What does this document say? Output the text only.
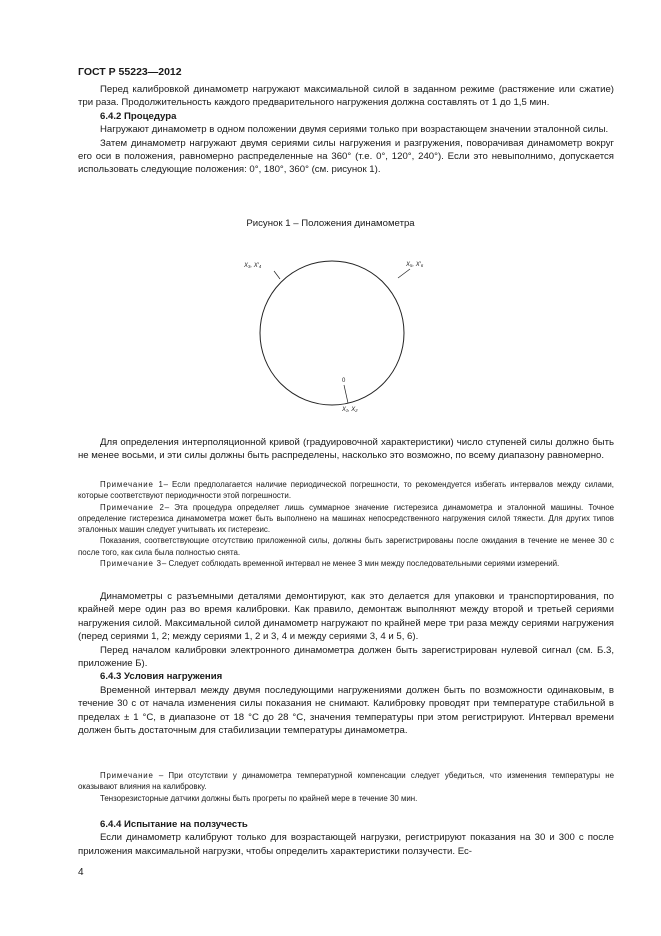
ГОСТ Р 55223—2012

Перед калибровкой динамометр нагружают максимальной силой в заданном режиме (растяжение или сжатие) три раза. Продолжительность каждого предварительного нагружения должна составлять от 1 до 1,5 мин.

6.4.2 Процедура

Нагружают динамометр в одном положении двумя сериями только при возрастающем значении эталонной силы.

Затем динамометр нагружают двумя сериями силы нагружения и разгружения, поворачивая динамометр вокруг его оси в положения, равномерно распределенные на 360° (т.е. 0°, 120°, 240°). Если это невыполнимо, допускается использовать следующие положения: 0°, 180°, 360° (см. рисунок 1).

Рисунок 1 – Положения динамометра
X₃, X′₄	X₅, X′₆
0
X₁, X₂

Для определения интерполяционной кривой (градуировочной характеристики) число ступеней силы должно быть не менее восьми, и эти силы должны быть распределены, насколько это возможно, по всему диапазону равномерно.

Примечание 1– Если предполагается наличие периодической погрешности, то рекомендуется избегать интервалов между силами, которые соответствуют периодичности этой погрешности.

Примечание 2– Эта процедура определяет лишь суммарное значение гистерезиса динамометра и эталонной машины. Точное определение гистерезиса динамометра может быть выполнено на машинах непосредственного нагружения силой тяжести. Для других типов эталонных машин следует учитывать их гистерезис.

Показания, соответствующие отсутствию приложенной силы, должны быть зарегистрированы после ожидания в течение не менее 30 с после того, как сила была полностью снята.

Примечание 3– Следует соблюдать временной интервал не менее 3 мин между последовательными сериями измерений.

Динамометры с разъемными деталями демонтируют, как это делается для упаковки и транспортирования, по крайней мере один раз во время калибровки. Как правило, демонтаж выполняют между второй и третьей сериями нагружения силой. Максимальной силой динамометр нагружают по крайней мере три раза между сериями нагружения (перед сериями 1, 2; между сериями 1, 2 и 3, 4 и между сериями 3, 4 и 5, 6).

Перед началом калибровки электронного динамометра должен быть зарегистрирован нулевой сигнал (см. Б.3, приложение Б).

6.4.3 Условия нагружения

Временной интервал между двумя последующими нагружениями должен быть по возможности одинаковым, в течение 30 с от начала изменения силы показания не снимают. Калибровку проводят при температуре стабильной в пределах ± 1 °С, в диапазоне от 18 °С до 28 °С, значения температуры при этом регистрируют. Интервал времени должен быть достаточным для стабилизации температуры динамометра.

Примечание – При отсутствии у динамометра температурной компенсации следует убедиться, что изменения температуры не оказывают влияния на калибровку.

Тензорезисторные датчики должны быть прогреты по крайней мере в течение 30 мин.

6.4.4 Испытание на ползучесть

Если динамометр калибруют только для возрастающей нагрузки, регистрируют показания на 30 и 300 с после приложения максимальной нагрузки, чтобы определить характеристики ползучести. Ес-

4
